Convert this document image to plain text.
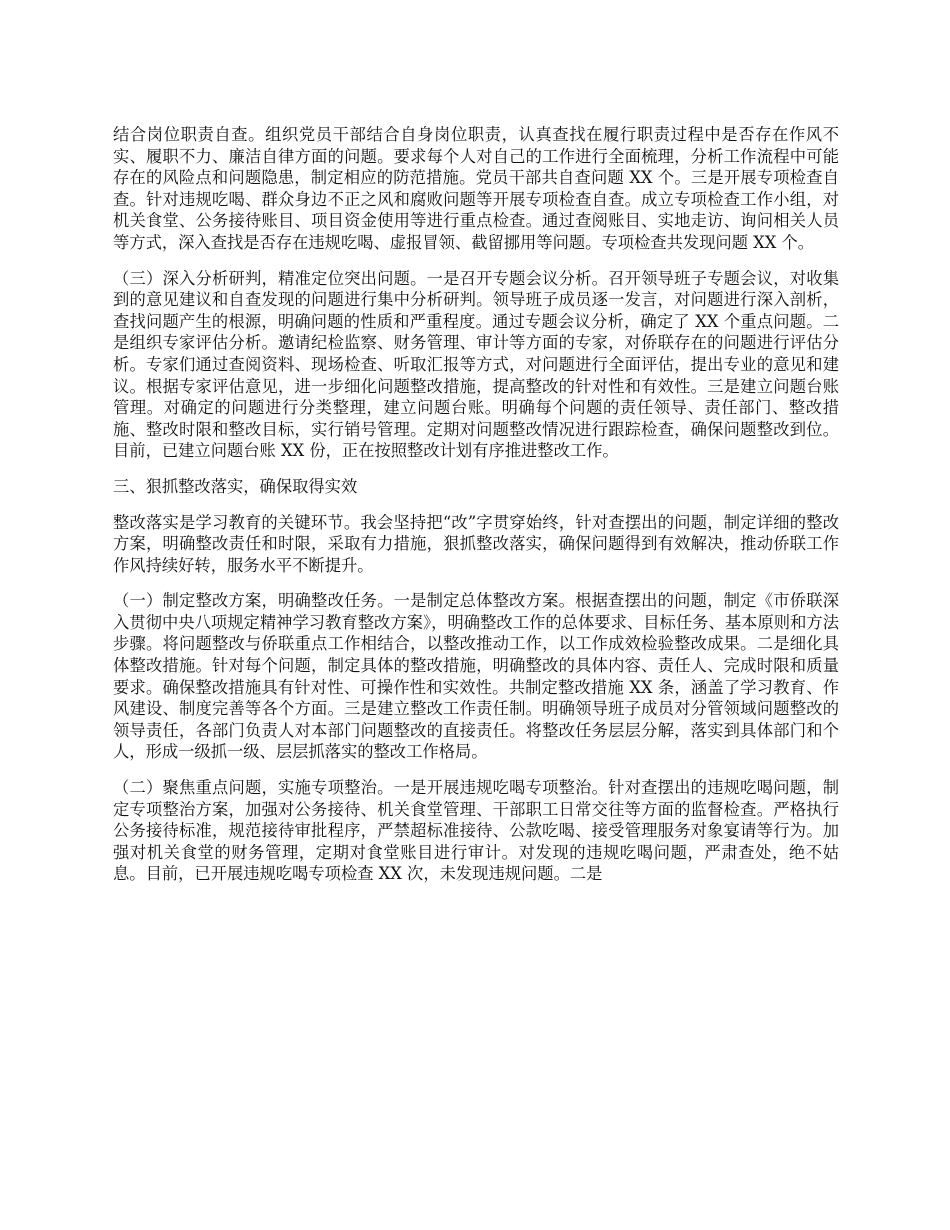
结合岗位职责自查。组织党员干部结合自身岗位职责，认真查找在履行职责过程中是否存在作风不实、履职不力、廉洁自律方面的问题。要求每个人对自己的工作进行全面梳理，分析工作流程中可能存在的风险点和问题隐患，制定相应的防范措施。党员干部共自查问题 XX 个。三是开展专项检查自查。针对违规吃喝、群众身边不正之风和腐败问题等开展专项检查自查。成立专项检查工作小组，对机关食堂、公务接待账目、项目资金使用等进行重点检查。通过查阅账目、实地走访、询问相关人员等方式，深入查找是否存在违规吃喝、虚报冒领、截留挪用等问题。专项检查共发现问题 XX 个。

（三）深入分析研判，精准定位突出问题。一是召开专题会议分析。召开领导班子专题会议，对收集到的意见建议和自查发现的问题进行集中分析研判。领导班子成员逐一发言，对问题进行深入剖析，查找问题产生的根源，明确问题的性质和严重程度。通过专题会议分析，确定了 XX 个重点问题。二是组织专家评估分析。邀请纪检监察、财务管理、审计等方面的专家，对侨联存在的问题进行评估分析。专家们通过查阅资料、现场检查、听取汇报等方式，对问题进行全面评估，提出专业的意见和建议。根据专家评估意见，进一步细化问题整改措施，提高整改的针对性和有效性。三是建立问题台账管理。对确定的问题进行分类整理，建立问题台账。明确每个问题的责任领导、责任部门、整改措施、整改时限和整改目标，实行销号管理。定期对问题整改情况进行跟踪检查，确保问题整改到位。目前，已建立问题台账 XX 份，正在按照整改计划有序推进整改工作。

三、狠抓整改落实，确保取得实效

整改落实是学习教育的关键环节。我会坚持把“改”字贯穿始终，针对查摆出的问题，制定详细的整改方案，明确整改责任和时限，采取有力措施，狠抓整改落实，确保问题得到有效解决，推动侨联工作作风持续好转，服务水平不断提升。

（一）制定整改方案，明确整改任务。一是制定总体整改方案。根据查摆出的问题，制定《市侨联深入贯彻中央八项规定精神学习教育整改方案》，明确整改工作的总体要求、目标任务、基本原则和方法步骤。将问题整改与侨联重点工作相结合，以整改推动工作，以工作成效检验整改成果。二是细化具体整改措施。针对每个问题，制定具体的整改措施，明确整改的具体内容、责任人、完成时限和质量要求。确保整改措施具有针对性、可操作性和实效性。共制定整改措施 XX 条，涵盖了学习教育、作风建设、制度完善等各个方面。三是建立整改工作责任制。明确领导班子成员对分管领域问题整改的领导责任，各部门负责人对本部门问题整改的直接责任。将整改任务层层分解，落实到具体部门和个人，形成一级抓一级、层层抓落实的整改工作格局。

（二）聚焦重点问题，实施专项整治。一是开展违规吃喝专项整治。针对查摆出的违规吃喝问题，制定专项整治方案，加强对公务接待、机关食堂管理、干部职工日常交往等方面的监督检查。严格执行公务接待标准，规范接待审批程序，严禁超标准接待、公款吃喝、接受管理服务对象宴请等行为。加强对机关食堂的财务管理，定期对食堂账目进行审计。对发现的违规吃喝问题，严肃查处，绝不姑息。目前，已开展违规吃喝专项检查 XX 次，未发现违规问题。二是
